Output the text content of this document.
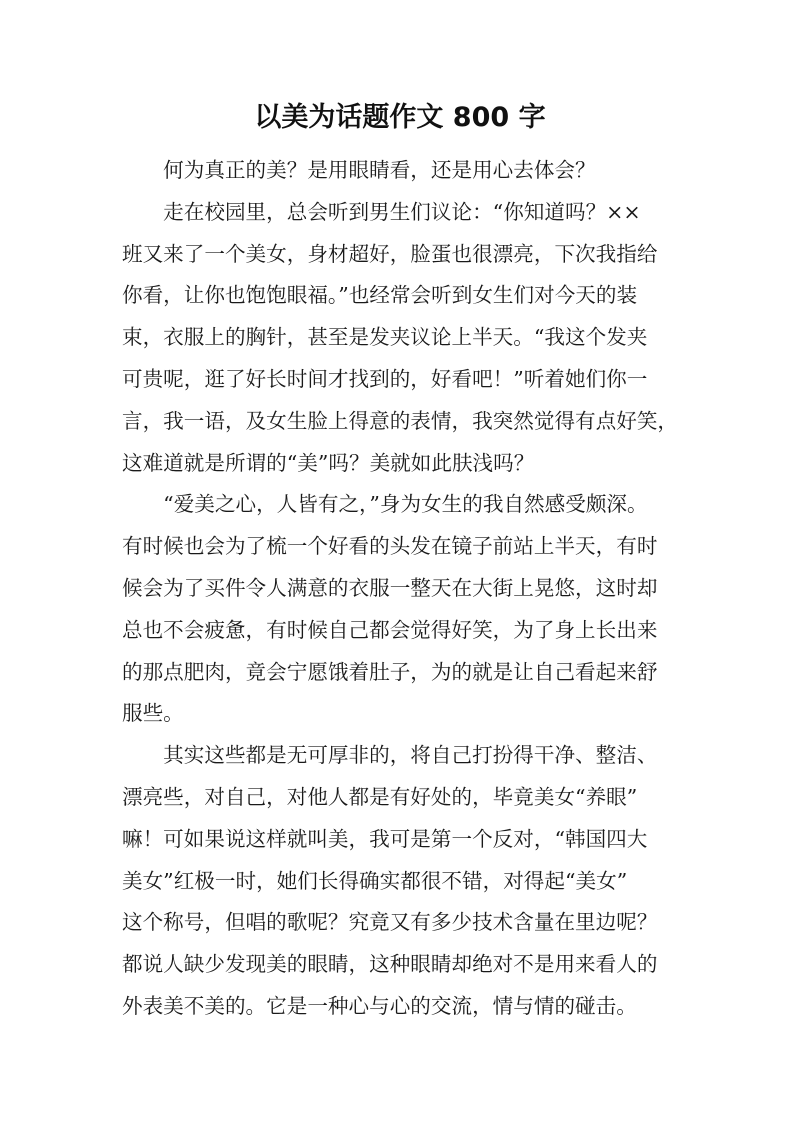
以美为话题作文 800 字
　　何为真正的美？是用眼睛看，还是用心去体会？
　　走在校园里，总会听到男生们议论：“你知道吗？××
班又来了一个美女，身材超好，脸蛋也很漂亮，下次我指给
你看，让你也饱饱眼福。”也经常会听到女生们对今天的装
束，衣服上的胸针，甚至是发夹议论上半天。“我这个发夹
可贵呢，逛了好长时间才找到的，好看吧！”听着她们你一
言，我一语，及女生脸上得意的表情，我突然觉得有点好笑，
这难道就是所谓的“美”吗？美就如此肤浅吗？
　　“爱美之心，人皆有之，”身为女生的我自然感受颇深。
有时候也会为了梳一个好看的头发在镜子前站上半天，有时
候会为了买件令人满意的衣服一整天在大街上晃悠，这时却
总也不会疲惫，有时候自己都会觉得好笑，为了身上长出来
的那点肥肉，竟会宁愿饿着肚子，为的就是让自己看起来舒
服些。
　　其实这些都是无可厚非的，将自己打扮得干净、整洁、
漂亮些，对自己，对他人都是有好处的，毕竟美女“养眼”
嘛！可如果说这样就叫美，我可是第一个反对，“韩国四大
美女”红极一时，她们长得确实都很不错，对得起“美女”
这个称号，但唱的歌呢？究竟又有多少技术含量在里边呢？
都说人缺少发现美的眼睛，这种眼睛却绝对不是用来看人的
外表美不美的。它是一种心与心的交流，情与情的碰击。
